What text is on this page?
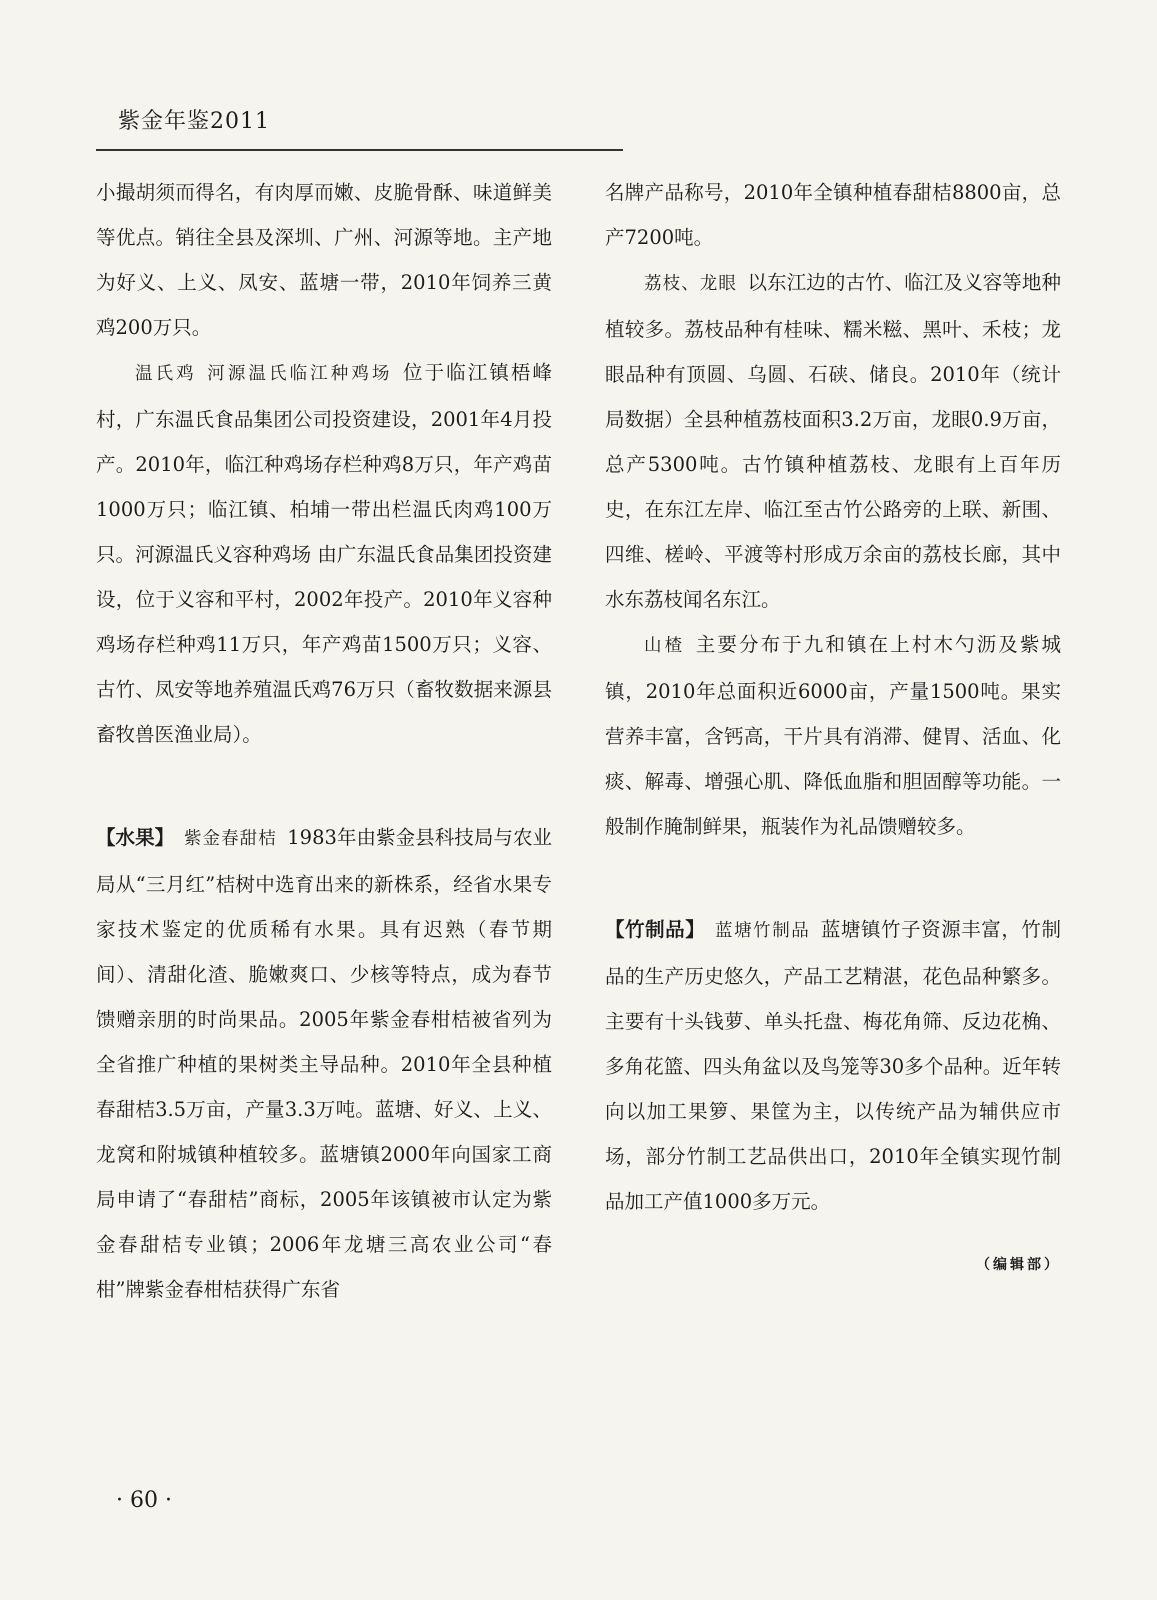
紫金年鉴2011

小撮胡须而得名，有肉厚而嫩、皮脆骨酥、味道鲜美等优点。销往全县及深圳、广州、河源等地。主产地为好义、上义、凤安、蓝塘一带，2010年饲养三黄鸡200万只。

温氏鸡 河源温氏临江种鸡场 位于临江镇梧峰村，广东温氏食品集团公司投资建设，2001年4月投产。2010年，临江种鸡场存栏种鸡8万只，年产鸡苗1000万只；临江镇、柏埔一带出栏温氏肉鸡100万只。河源温氏义容种鸡场 由广东温氏食品集团投资建设，位于义容和平村，2002年投产。2010年义容种鸡场存栏种鸡11万只，年产鸡苗1500万只；义容、古竹、凤安等地养殖温氏鸡76万只（畜牧数据来源县畜牧兽医渔业局）。

【水果】 紫金春甜桔 1983年由紫金县科技局与农业局从“三月红”桔树中选育出来的新株系，经省水果专家技术鉴定的优质稀有水果。具有迟熟（春节期间）、清甜化渣、脆嫩爽口、少核等特点，成为春节馈赠亲朋的时尚果品。2005年紫金春柑桔被省列为全省推广种植的果树类主导品种。2010年全县种植春甜桔3.5万亩，产量3.3万吨。蓝塘、好义、上义、龙窝和附城镇种植较多。蓝塘镇2000年向国家工商局申请了“春甜桔”商标，2005年该镇被市认定为紫金春甜桔专业镇；2006年龙塘三高农业公司“春柑”牌紫金春柑桔获得广东省

名牌产品称号，2010年全镇种植春甜桔8800亩，总产7200吨。

荔枝、龙眼 以东江边的古竹、临江及义容等地种植较多。荔枝品种有桂味、糯米糍、黑叶、禾枝；龙眼品种有顶圆、乌圆、石硖、储良。2010年（统计局数据）全县种植荔枝面积3.2万亩，龙眼0.9万亩，总产5300吨。古竹镇种植荔枝、龙眼有上百年历史，在东江左岸、临江至古竹公路旁的上联、新围、四维、槎岭、平渡等村形成万余亩的荔枝长廊，其中水东荔枝闻名东江。

山楂 主要分布于九和镇在上村木勺沥及紫城镇，2010年总面积近6000亩，产量1500吨。果实营养丰富，含钙高，干片具有消滞、健胃、活血、化痰、解毒、增强心肌、降低血脂和胆固醇等功能。一般制作腌制鲜果，瓶装作为礼品馈赠较多。

【竹制品】 蓝塘竹制品 蓝塘镇竹子资源丰富，竹制品的生产历史悠久，产品工艺精湛，花色品种繁多。主要有十头钱萝、单头托盘、梅花角筛、反边花桷、多角花篮、四头角盆以及鸟笼等30多个品种。近年转向以加工果箩、果筐为主，以传统产品为辅供应市场，部分竹制工艺品供出口，2010年全镇实现竹制品加工产值1000多万元。

（编辑部）
· 60 ·
